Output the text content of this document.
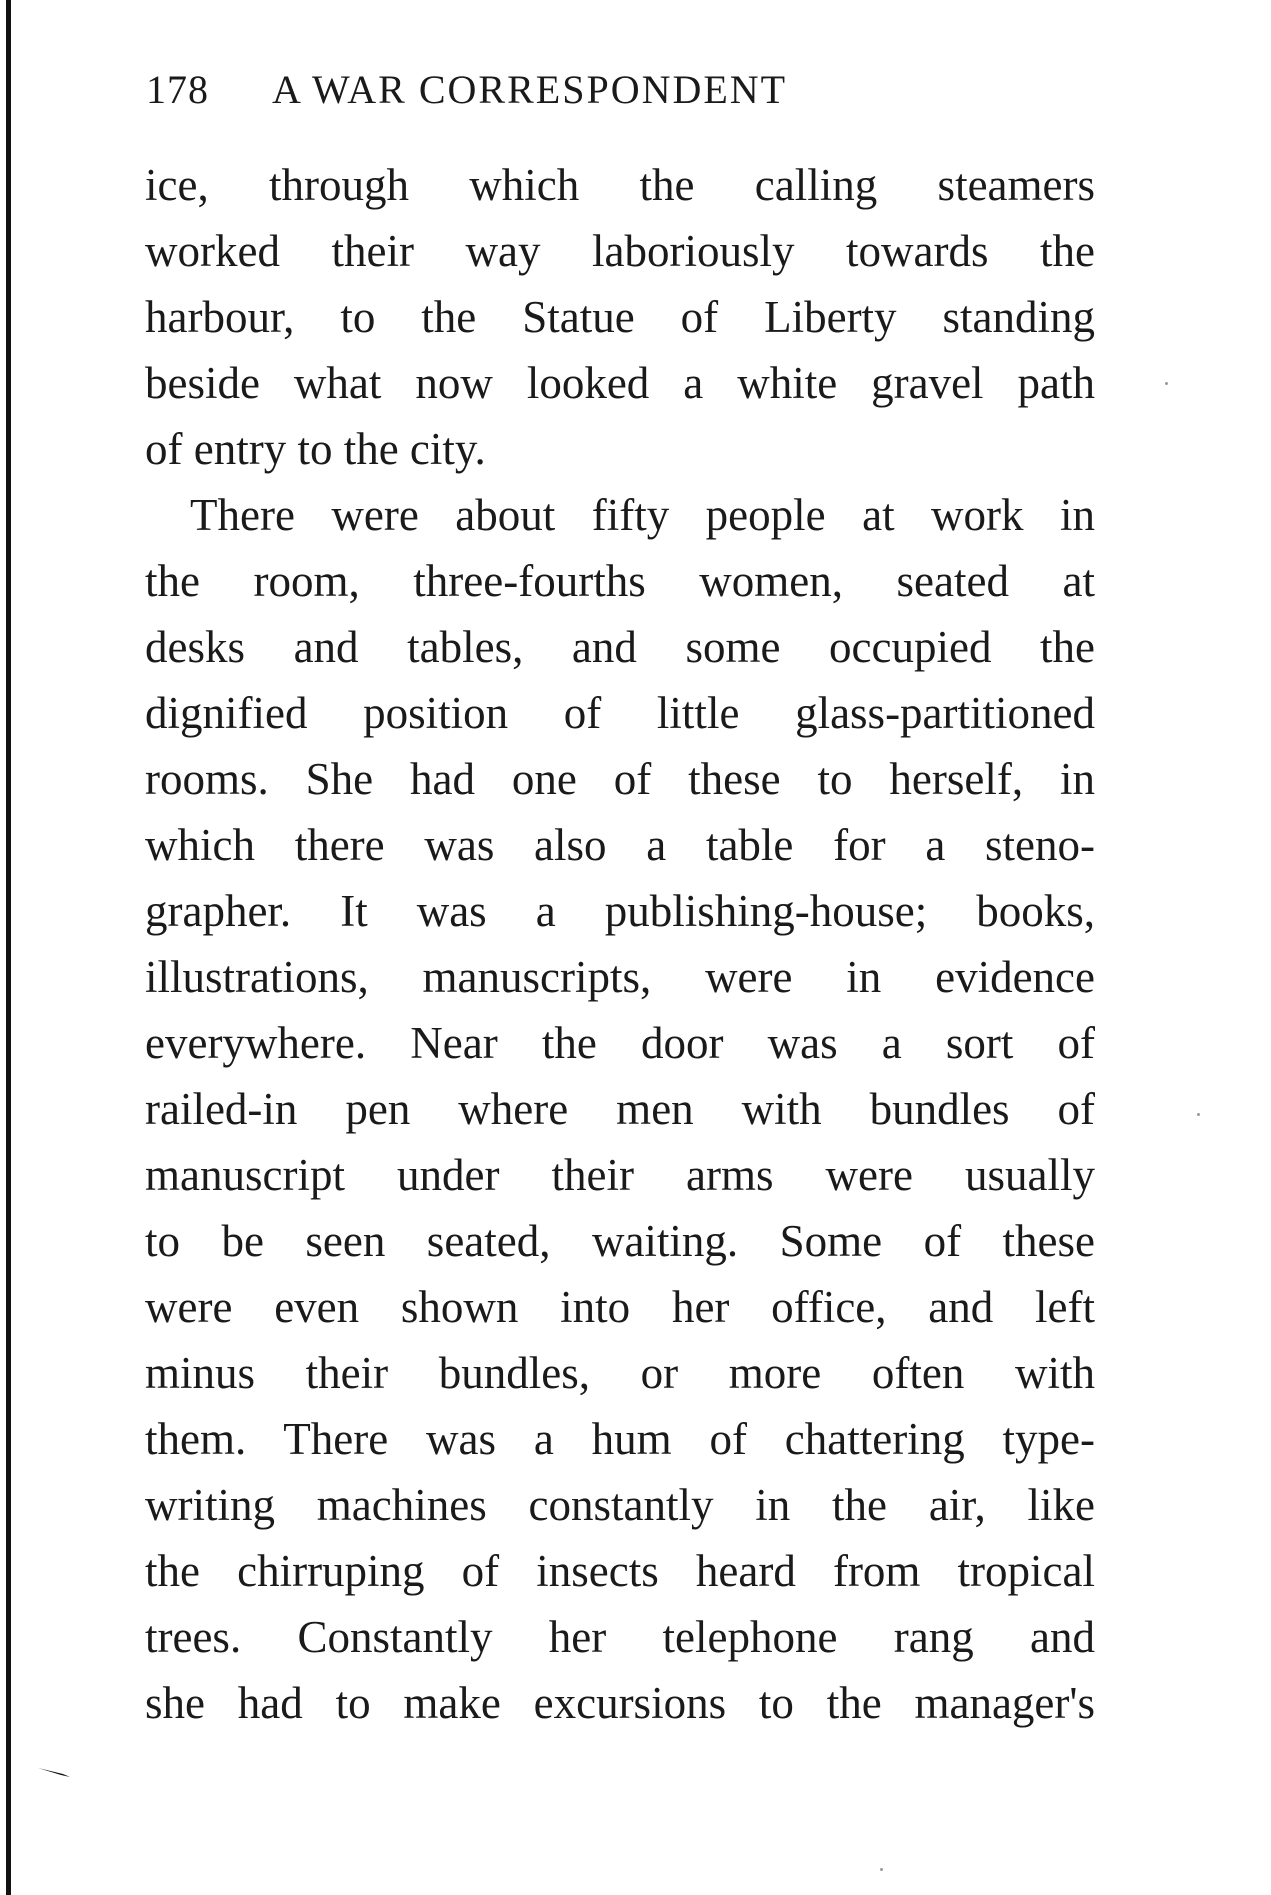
178 A WAR CORRESPONDENT
ice, through which the calling steamers
worked their way laboriously towards the
harbour, to the Statue of Liberty standing
beside what now looked a white gravel path
of entry to the city.
There were about fifty people at work in
the room, three-fourths women, seated at
desks and tables, and some occupied the
dignified position of little glass-partitioned
rooms. She had one of these to herself, in
which there was also a table for a steno-
grapher. It was a publishing-house; books,
illustrations, manuscripts, were in evidence
everywhere. Near the door was a sort of
railed-in pen where men with bundles of
manuscript under their arms were usually
to be seen seated, waiting. Some of these
were even shown into her office, and left
minus their bundles, or more often with
them. There was a hum of chattering type-
writing machines constantly in the air, like
the chirruping of insects heard from tropical
trees. Constantly her telephone rang and
she had to make excursions to the manager's
